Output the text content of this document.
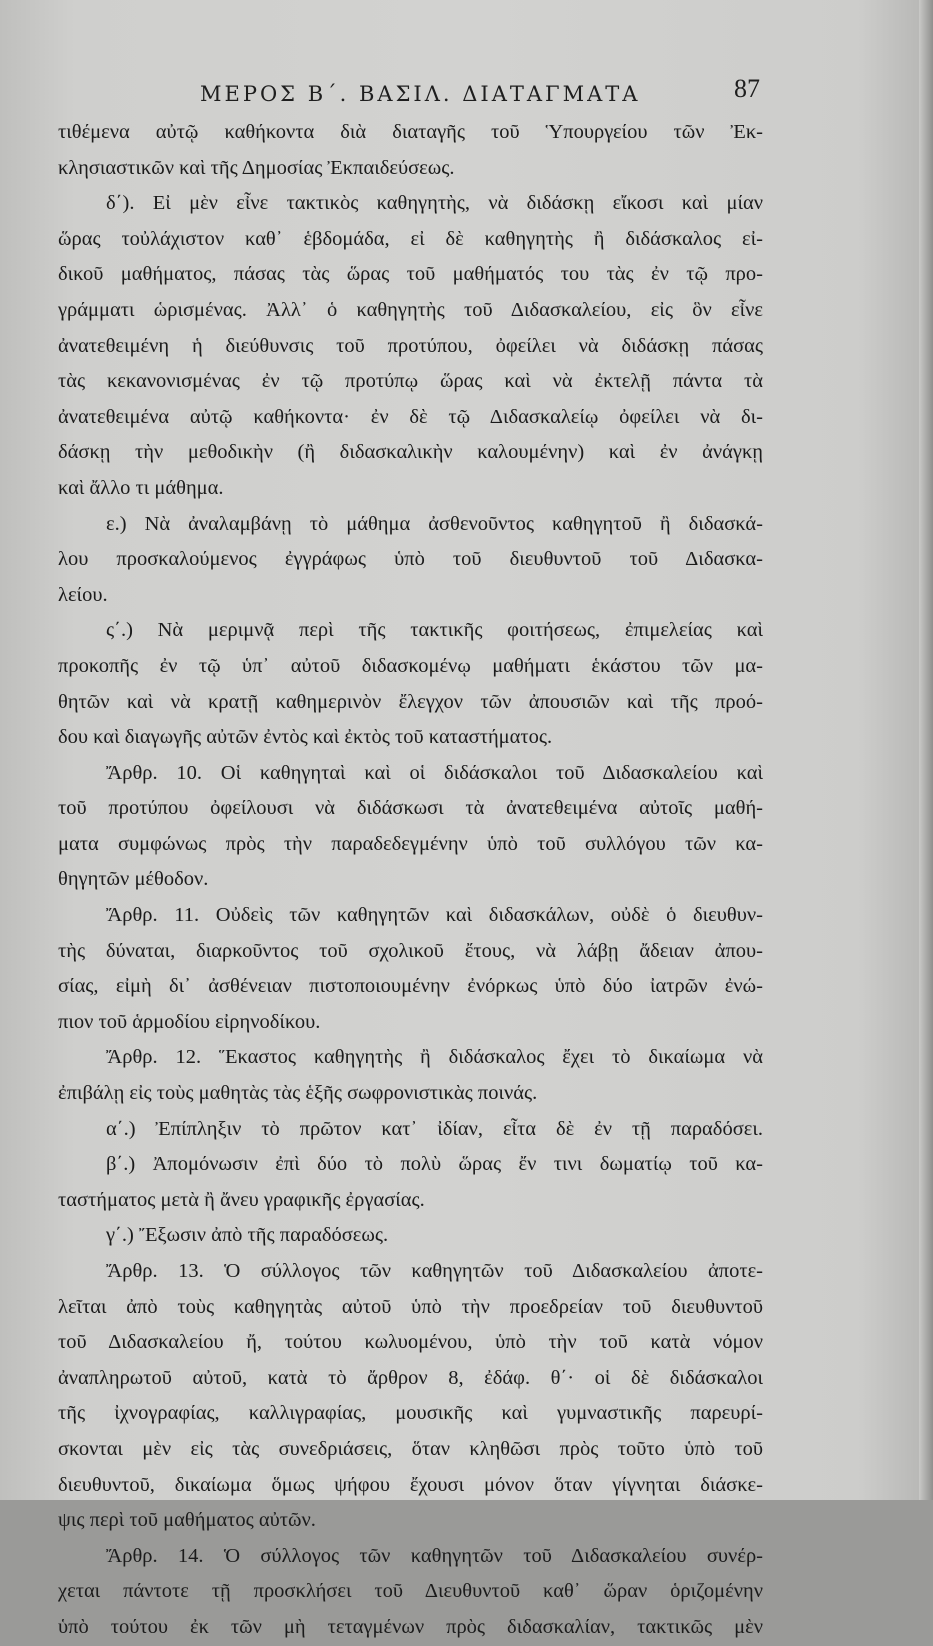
ΜΕΡΟΣ Β΄. ΒΑΣΙΛ. ΔΙΑΤΑΓΜΑΤΑ	87
τιθέμενα αὐτῷ καθήκοντα διὰ διαταγῆς τοῦ Ὑπουργείου τῶν Ἐκ-
κλησιαστικῶν καὶ τῆς Δημοσίας Ἐκπαιδεύσεως.
δ΄). Εἰ μὲν εἶνε τακτικὸς καθηγητὴς, νὰ διδάσκῃ εἴκοσι καὶ μίαν
ὥρας τοὐλάχιστον καθ᾿ ἑβδομάδα, εἰ δὲ καθηγητὴς ἢ διδάσκαλος εἰ-
δικοῦ μαθήματος, πάσας τὰς ὥρας τοῦ μαθήματός του τὰς ἐν τῷ προ-
γράμματι ὡρισμένας. Ἀλλ᾿ ὁ καθηγητὴς τοῦ Διδασκαλείου, εἰς ὃν εἶνε
ἀνατεθειμένη ἡ διεύθυνσις τοῦ προτύπου, ὀφείλει νὰ διδάσκῃ πάσας
τὰς κεκανονισμένας ἐν τῷ προτύπῳ ὥρας καὶ νὰ ἐκτελῇ πάντα τὰ
ἀνατεθειμένα αὐτῷ καθήκοντα· ἐν δὲ τῷ Διδασκαλείῳ ὀφείλει νὰ δι-
δάσκῃ τὴν μεθοδικὴν (ἢ διδασκαλικὴν καλουμένην) καὶ ἐν ἀνάγκῃ
καὶ ἄλλο τι μάθημα.
ε.) Νὰ ἀναλαμβάνῃ τὸ μάθημα ἀσθενοῦντος καθηγητοῦ ἢ διδασκά-
λου προσκαλούμενος ἐγγράφως ὑπὸ τοῦ διευθυντοῦ τοῦ Διδασκα-
λείου.
ς΄.) Νὰ μεριμνᾷ περὶ τῆς τακτικῆς φοιτήσεως, ἐπιμελείας καὶ
προκοπῆς ἐν τῷ ὑπ᾿ αὐτοῦ διδασκομένῳ μαθήματι ἑκάστου τῶν μα-
θητῶν καὶ νὰ κρατῇ καθημερινὸν ἔλεγχον τῶν ἀπουσιῶν καὶ τῆς προό-
δου καὶ διαγωγῆς αὐτῶν ἐντὸς καὶ ἐκτὸς τοῦ καταστήματος.
Ἄρθρ. 10. Οἱ καθηγηταὶ καὶ οἱ διδάσκαλοι τοῦ Διδασκαλείου καὶ
τοῦ προτύπου ὀφείλουσι νὰ διδάσκωσι τὰ ἀνατεθειμένα αὐτοῖς μαθή-
ματα συμφώνως πρὸς τὴν παραδεδεγμένην ὑπὸ τοῦ συλλόγου τῶν κα-
θηγητῶν μέθοδον.
Ἄρθρ. 11. Οὐδεὶς τῶν καθηγητῶν καὶ διδασκάλων, οὐδὲ ὁ διευθυν-
τὴς δύναται, διαρκοῦντος τοῦ σχολικοῦ ἔτους, νὰ λάβῃ ἄδειαν ἀπου-
σίας, εἰμὴ δι᾿ ἀσθένειαν πιστοποιουμένην ἐνόρκως ὑπὸ δύο ἰατρῶν ἐνώ-
πιον τοῦ ἁρμοδίου εἰρηνοδίκου.
Ἄρθρ. 12. Ἕκαστος καθηγητὴς ἢ διδάσκαλος ἔχει τὸ δικαίωμα νὰ
ἐπιβάλῃ εἰς τοὺς μαθητὰς τὰς ἑξῆς σωφρονιστικὰς ποινάς.
α΄.) Ἐπίπληξιν τὸ πρῶτον κατ᾿ ἰδίαν, εἶτα δὲ ἐν τῇ παραδόσει.
β΄.) Ἀπομόνωσιν ἐπὶ δύο τὸ πολὺ ὥρας ἔν τινι δωματίῳ τοῦ κα-
ταστήματος μετὰ ἢ ἄνευ γραφικῆς ἐργασίας.
γ΄.) Ἔξωσιν ἀπὸ τῆς παραδόσεως.
Ἄρθρ. 13. Ὁ σύλλογος τῶν καθηγητῶν τοῦ Διδασκαλείου ἀποτε-
λεῖται ἀπὸ τοὺς καθηγητὰς αὐτοῦ ὑπὸ τὴν προεδρείαν τοῦ διευθυντοῦ
τοῦ Διδασκαλείου ἤ, τούτου κωλυομένου, ὑπὸ τὴν τοῦ κατὰ νόμον
ἀναπληρωτοῦ αὐτοῦ, κατὰ τὸ ἄρθρον 8, ἐδάφ. θ΄· οἱ δὲ διδάσκαλοι
τῆς ἰχνογραφίας, καλλιγραφίας, μουσικῆς καὶ γυμναστικῆς παρευρί-
σκονται μὲν εἰς τὰς συνεδριάσεις, ὅταν κληθῶσι πρὸς τοῦτο ὑπὸ τοῦ
διευθυντοῦ, δικαίωμα ὅμως ψήφου ἔχουσι μόνον ὅταν γίγνηται διάσκε-
ψις περὶ τοῦ μαθήματος αὐτῶν.
Ἄρθρ. 14. Ὁ σύλλογος τῶν καθηγητῶν τοῦ Διδασκαλείου συνέρ-
χεται πάντοτε τῇ προσκλήσει τοῦ Διευθυντοῦ καθ᾿ ὥραν ὁριζομένην
ὑπὸ τούτου ἐκ τῶν μὴ τεταγμένων πρὸς διδασκαλίαν, τακτικῶς μὲν
